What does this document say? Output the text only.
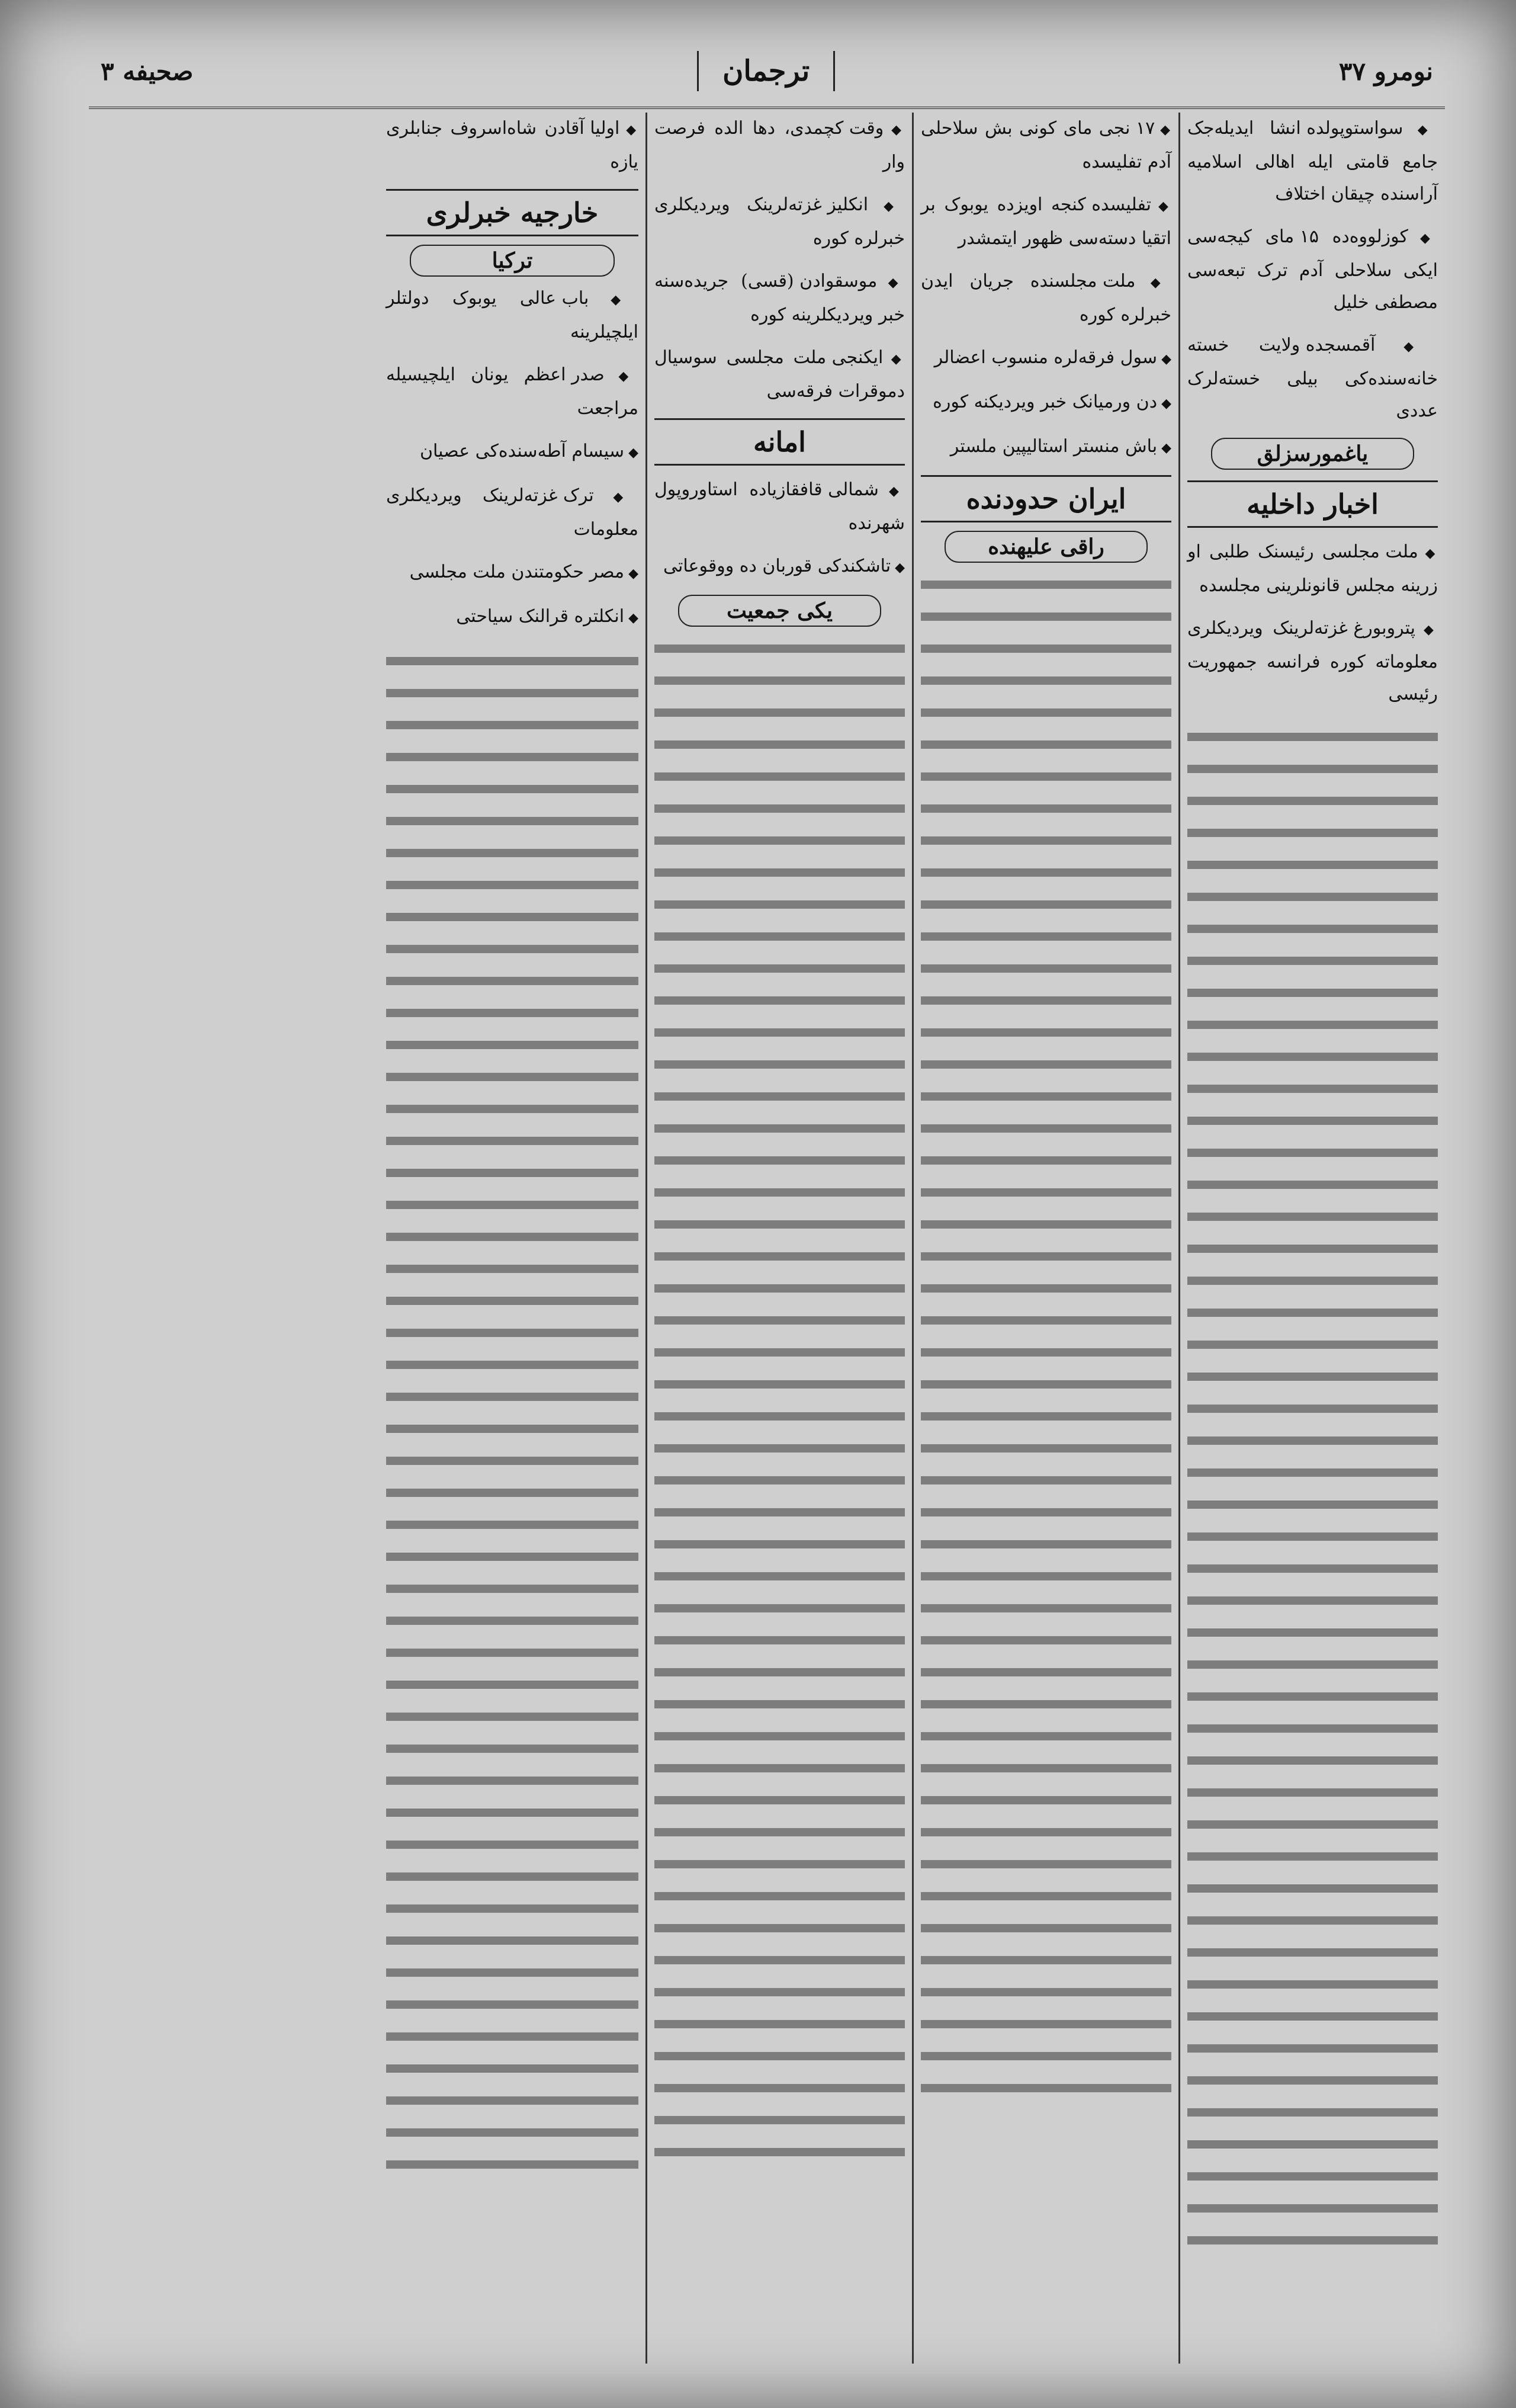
نومرو ۳۷
ترجمان
صحیفه ۳
◆ سواستوپولده انشا ایدیله‌جک جامع قامتی ایله اهالی اسلامیه آراسنده چیقان اختلاف
◆ کوزلووه‌ده ۱۵ مای کیجه‌سی ایکی سلاحلی آدم ترک تبعه‌سی مصطفی خلیل
◆ آقمسجده ولایت خسته خانه‌سنده‌کی بیلی خسته‌لرک عددی
یاغمورسزلق
اخبار داخلیه
◆ ملت مجلسی رئیسنک طلبی او زرینه مجلس قانونلرینی مجلسده
◆ پتروبورغ غزته‌لرینک ویردیکلری معلوماته کوره فرانسه جمهوریت رئیسی
◆ ۱۷ نجی مای کونی بش سلاحلی آدم تفلیسده
◆ تفلیسده کنجه اویزده یوبوک بر اتقیا دسته‌سی ظهور ایتمشدر
◆ ملت مجلسنده جریان ایدن خبرلره کوره
◆ سول فرقه‌لره منسوب اعضالر
◆ دن ورمیانک خبر ویردیکنه کوره
◆ باش منستر استالیپین ملستر
ایران حدودنده
راقی علیهنده
◆ وقت کچمدی، دها الده فرصت وار
◆ انکلیز غزته‌لرینک ویردیکلری خبرلره کوره
◆ موسقوادن (قسی) جریده‌سنه خبر ویردیکلرینه کوره
◆ ایکنجی ملت مجلسی سوسیال دموقرات فرقه‌سی
امانه
◆ شمالی قافقازیاده استاوروپول شهرنده
◆ تاشکندکی قوربان ده ووقوعاتی
یکی جمعیت
◆ اولیا آقادن شاه‌اسروف جنابلری یازه
خارجیه خبرلری
ترکیا
◆ باب عالی یوبوک دولتلر ایلچیلرینه
◆ صدر اعظم یونان ایلچیسیله مراجعت
◆ سیسام آطه‌سنده‌کی عصیان
◆ ترک غزته‌لرینک ویردیکلری معلومات
◆ مصر حکومتندن ملت مجلسی
◆ انکلتره قرالنک سیاحتی
